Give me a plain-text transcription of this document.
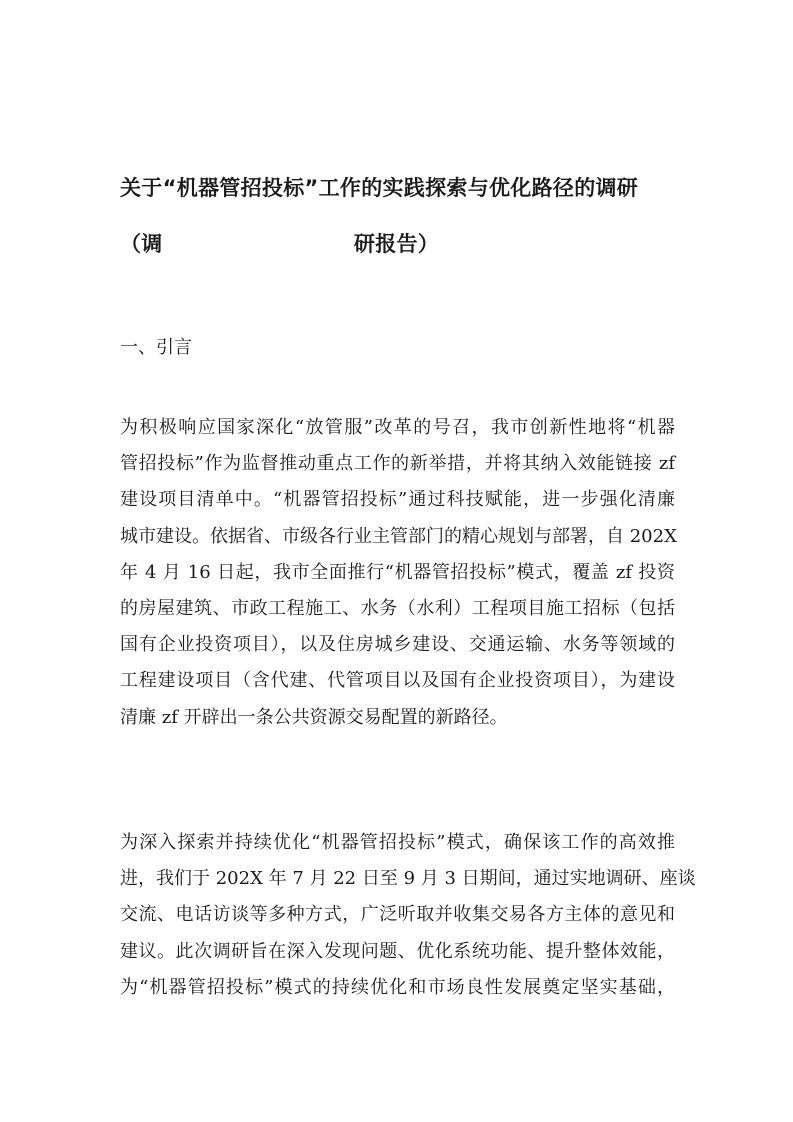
关于“机器管招投标”工作的实践探索与优化路径的调研（调	研报告）
一、引言
为积极响应国家深化“放管服”改革的号召，我市创新性地将“机器
管招投标”作为监督推动重点工作的新举措，并将其纳入效能链接 zf
建设项目清单中。“机器管招投标”通过科技赋能，进一步强化清廉
城市建设。依据省、市级各行业主管部门的精心规划与部署，自 202X
年 4 月 16 日起，我市全面推行“机器管招投标”模式，覆盖 zf 投资
的房屋建筑、市政工程施工、水务（水利）工程项目施工招标（包括
国有企业投资项目），以及住房城乡建设、交通运输、水务等领域的
工程建设项目（含代建、代管项目以及国有企业投资项目），为建设
清廉 zf 开辟出一条公共资源交易配置的新路径。
为深入探索并持续优化“机器管招投标”模式，确保该工作的高效推
进，我们于 202X 年 7 月 22 日至 9 月 3 日期间，通过实地调研、座谈
交流、电话访谈等多种方式，广泛听取并收集交易各方主体的意见和
建议。此次调研旨在深入发现问题、优化系统功能、提升整体效能，
为“机器管招投标”模式的持续优化和市场良性发展奠定坚实基础，
